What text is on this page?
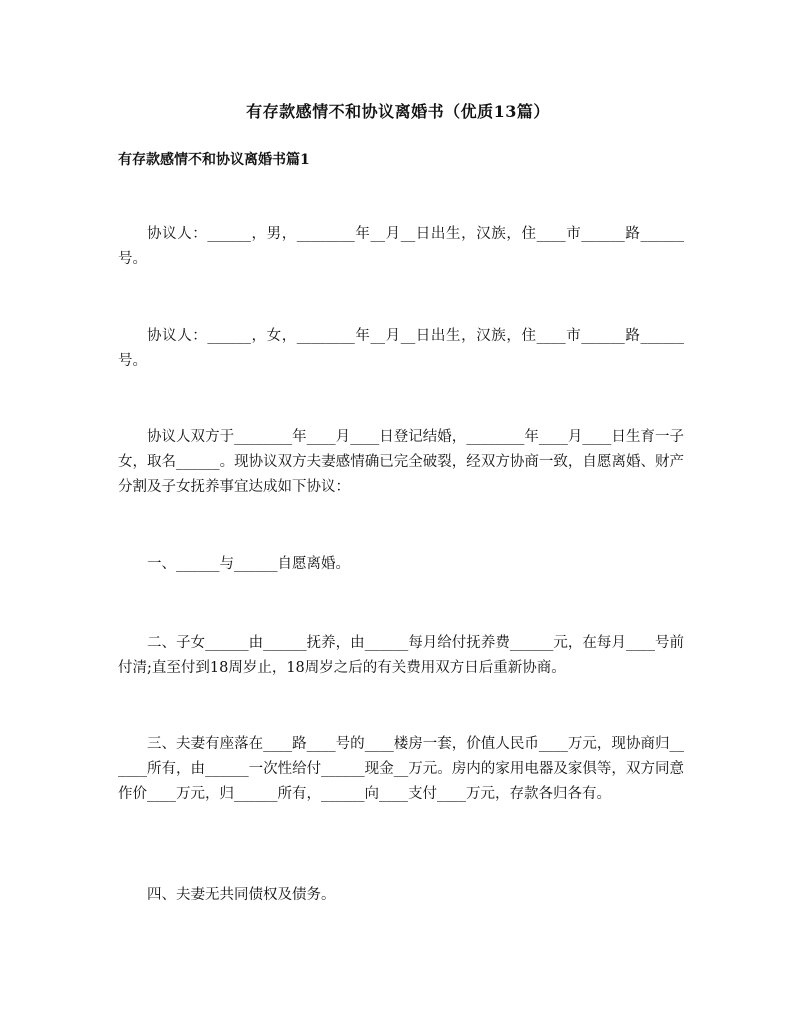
有存款感情不和协议离婚书（优质13篇）
有存款感情不和协议离婚书篇1

协议人：______，男，________年__月__日出生，汉族，住____市______路______号。

协议人：______，女，________年__月__日出生，汉族，住____市______路______号。

协议人双方于________年____月____日登记结婚，________年____月____日生育一子女，取名______。现协议双方夫妻感情确已完全破裂，经双方协商一致，自愿离婚、财产分割及子女抚养事宜达成如下协议：

一、______与______自愿离婚。

二、子女______由______抚养，由______每月给付抚养费______元，在每月____号前付清;直至付到18周岁止，18周岁之后的有关费用双方日后重新协商。

三、夫妻有座落在____路____号的____楼房一套，价值人民币____万元，现协商归______所有，由______一次性给付______现金__万元。房内的家用电器及家俱等，双方同意作价____万元，归______所有，______向____支付____万元，存款各归各有。

四、夫妻无共同债权及债务。
